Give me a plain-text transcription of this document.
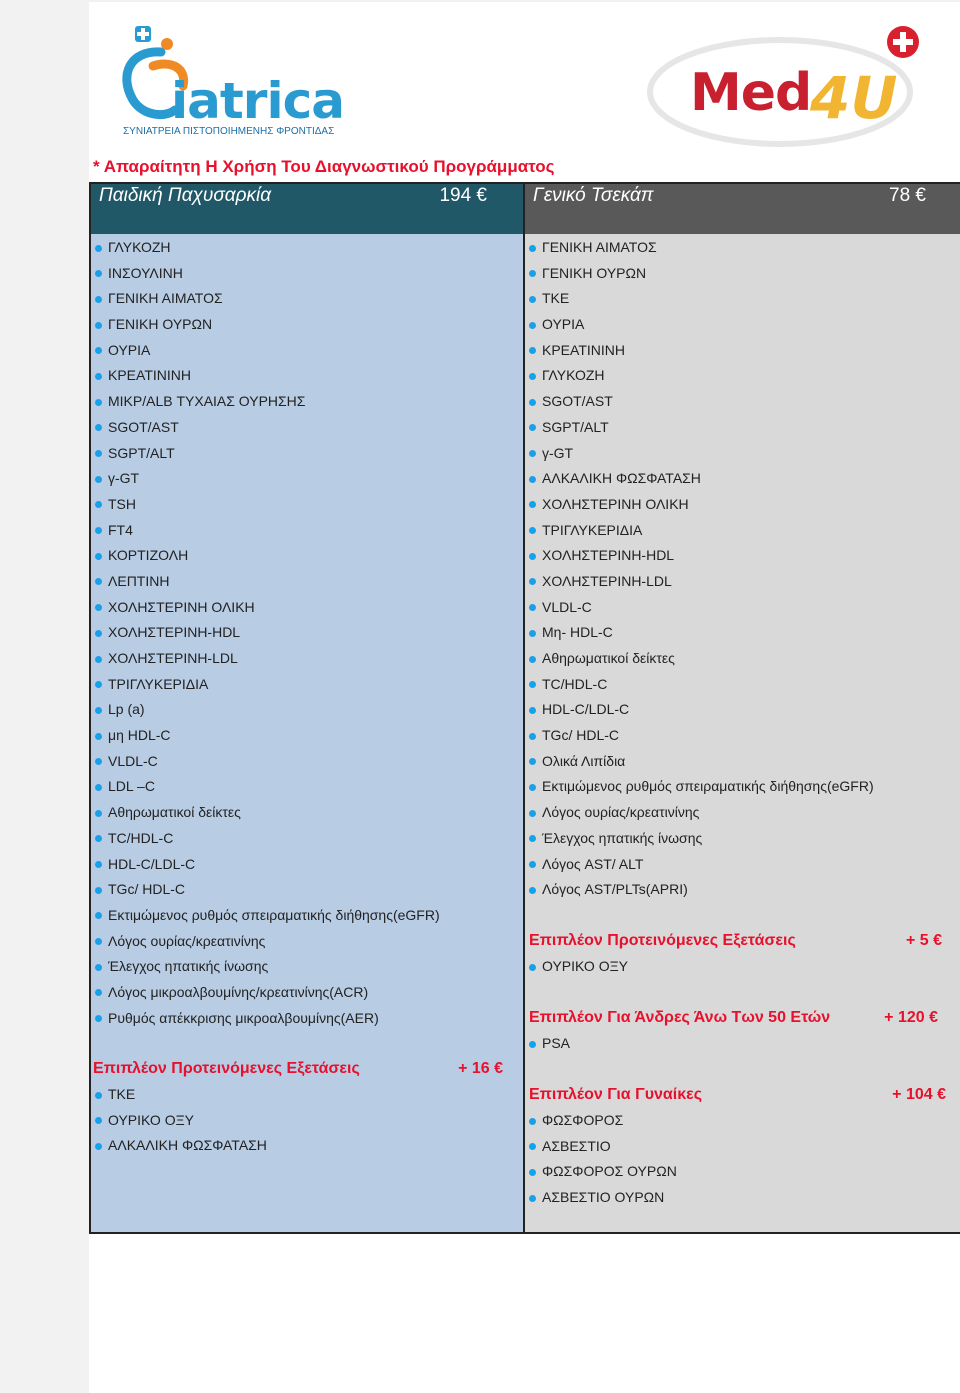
iatrica
ΣΥΝΙΑΤΡΕΙΑ ΠΙΣΤΟΠΟΙΗΜΕΝΗΣ ΦΡΟΝΤΙΔΑΣ
Med
4U
* Απαραίτητη Η Χρήση Του Διαγνωστικού Προγράμματος
Παιδική Παχυσαρκία	194 €
ΓΛΥΚΟΖΗ
ΙΝΣΟΥΛΙΝΗ
ΓΕΝΙΚΗ ΑΙΜΑΤΟΣ
ΓΕΝΙΚΗ ΟΥΡΩΝ
ΟΥΡΙΑ
ΚΡΕΑΤΙΝΙΝΗ
ΜΙΚΡ/ALB ΤΥΧΑΙΑΣ ΟΥΡΗΣΗΣ
SGOT/AST
SGPT/ALT
γ-GT
TSH
FT4
ΚΟΡΤΙΖΟΛΗ
ΛΕΠΤΙΝΗ
ΧΟΛΗΣΤΕΡΙΝΗ ΟΛΙΚΗ
ΧΟΛΗΣΤΕΡΙΝΗ-HDL
ΧΟΛΗΣΤΕΡΙΝΗ-LDL
ΤΡΙΓΛΥΚΕΡΙΔΙΑ
Lp (a)
μη HDL-C
VLDL-C
LDL –C
Αθηρωματικοί δείκτες
TC/HDL-C
HDL-C/LDL-C
TGc/ HDL-C
Εκτιμώμενος ρυθμός σπειραματικής διήθησης(eGFR)
Λόγος ουρίας/κρεατινίνης
Έλεγχος ηπατικής ίνωσης
Λόγος μικροαλβουμίνης/κρεατινίνης(ACR)
Ρυθμός απέκκρισης μικροαλβουμίνης(AER)
Επιπλέον Προτεινόμενες Εξετάσεις	+ 16 €
ΤΚΕ
ΟΥΡΙΚΟ ΟΞΥ
ΑΛΚΑΛΙΚΗ ΦΩΣΦΑΤΑΣΗ
Γενικό Τσεκάπ	78 €
ΓΕΝΙΚΗ ΑΙΜΑΤΟΣ
ΓΕΝΙΚΗ ΟΥΡΩΝ
ΤΚΕ
ΟΥΡΙΑ
ΚΡΕΑΤΙΝΙΝΗ
ΓΛΥΚΟΖΗ
SGOT/AST
SGPT/ALT
γ-GT
ΑΛΚΑΛΙΚΗ ΦΩΣΦΑΤΑΣΗ
ΧΟΛΗΣΤΕΡΙΝΗ ΟΛΙΚΗ
ΤΡΙΓΛΥΚΕΡΙΔΙΑ
ΧΟΛΗΣΤΕΡΙΝΗ-HDL
ΧΟΛΗΣΤΕΡΙΝΗ-LDL
VLDL-C
Μη- HDL-C
Αθηρωματικοί δείκτες
TC/HDL-C
HDL-C/LDL-C
TGc/ HDL-C
Ολικά Λιπίδια
Εκτιμώμενος ρυθμός σπειραματικής διήθησης(eGFR)
Λόγος ουρίας/κρεατινίνης
Έλεγχος ηπατικής ίνωσης
Λόγος AST/ ALT
Λόγος AST/PLTs(APRI)
Επιπλέον Προτεινόμενες Εξετάσεις	+ 5 €
ΟΥΡΙΚΟ ΟΞΥ
Επιπλέον Για Άνδρες Άνω Των 50 Ετών	+ 120 €
PSA
Επιπλέον Για Γυναίκες	+ 104 €
ΦΩΣΦΟΡΟΣ
ΑΣΒΕΣΤΙΟ
ΦΩΣΦΟΡΟΣ ΟΥΡΩΝ
ΑΣΒΕΣΤΙΟ ΟΥΡΩΝ
